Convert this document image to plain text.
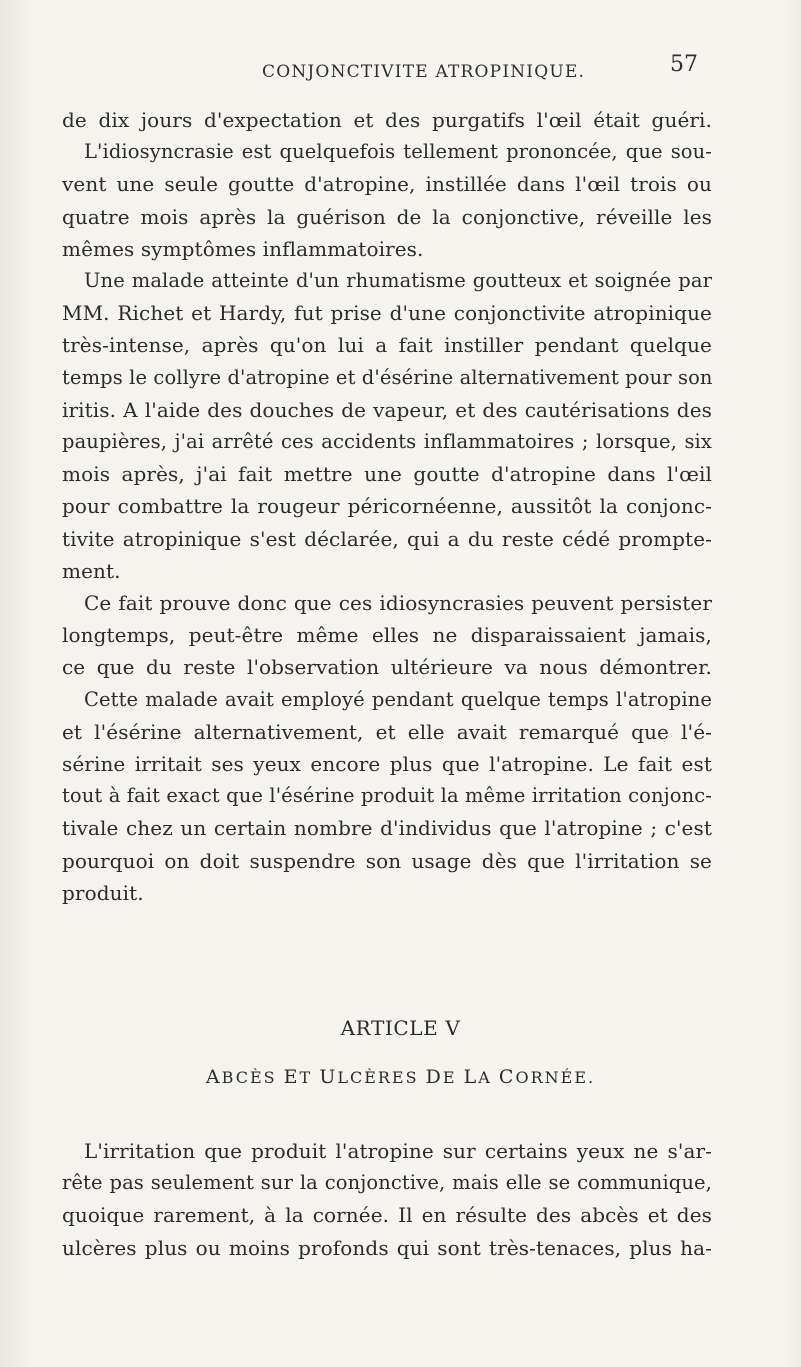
CONJONCTIVITE ATROPINIQUE.	57
de dix jours d'expectation et des purgatifs l'œil était guéri.
L'idiosyncrasie est quelquefois tellement prononcée, que sou-
vent une seule goutte d'atropine, instillée dans l'œil trois ou
quatre mois après la guérison de la conjonctive, réveille les
mêmes symptômes inflammatoires.
Une malade atteinte d'un rhumatisme goutteux et soignée par
MM. Richet et Hardy, fut prise d'une conjonctivite atropinique
très-intense, après qu'on lui a fait instiller pendant quelque
temps le collyre d'atropine et d'ésérine alternativement pour son
iritis. A l'aide des douches de vapeur, et des cautérisations des
paupières, j'ai arrêté ces accidents inflammatoires ; lorsque, six
mois après, j'ai fait mettre une goutte d'atropine dans l'œil
pour combattre la rougeur péricornéenne, aussitôt la conjonc-
tivite atropinique s'est déclarée, qui a du reste cédé prompte-
ment.
Ce fait prouve donc que ces idiosyncrasies peuvent persister
longtemps, peut-être même elles ne disparaissaient jamais,
ce que du reste l'observation ultérieure va nous démontrer.
Cette malade avait employé pendant quelque temps l'atropine
et l'ésérine alternativement, et elle avait remarqué que l'é-
sérine irritait ses yeux encore plus que l'atropine. Le fait est
tout à fait exact que l'ésérine produit la même irritation conjonc-
tivale chez un certain nombre d'individus que l'atropine ; c'est
pourquoi on doit suspendre son usage dès que l'irritation se
produit.
ARTICLE V
ABCÈS ET ULCÈRES DE LA CORNÉE.
L'irritation que produit l'atropine sur certains yeux ne s'ar-
rête pas seulement sur la conjonctive, mais elle se communique,
quoique rarement, à la cornée. Il en résulte des abcès et des
ulcères plus ou moins profonds qui sont très-tenaces, plus ha-
